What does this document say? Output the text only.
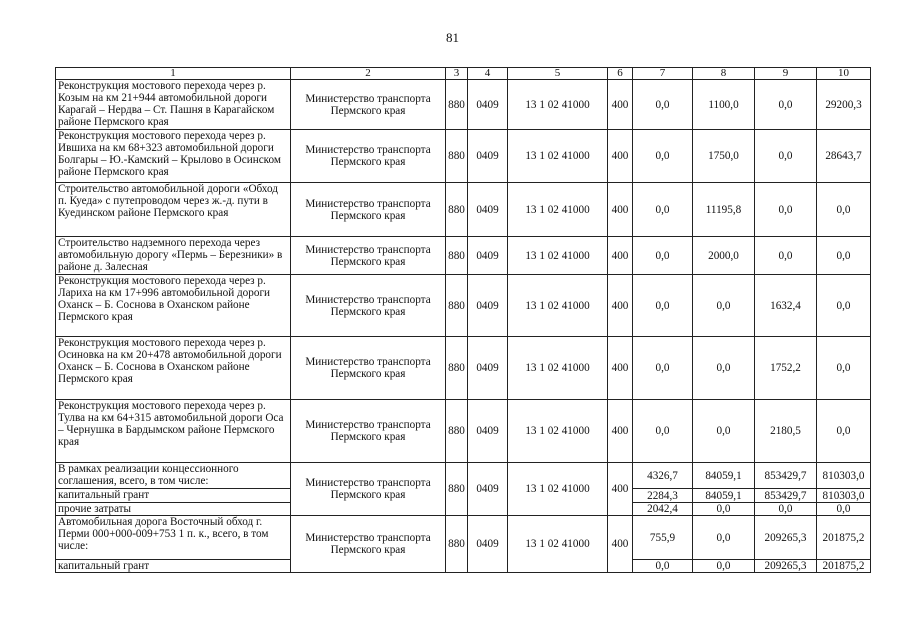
81
1	2	3	4	5	6	7	8	9	10
Реконструкция мостового перехода через р. Козым на км 21+944 автомобильной дороги Карагай – Нердва – Ст. Пашня в Карагайском районе Пермского края	Министерство транспорта Пермского края	880	0409	13 1 02 41000	400	0,0	1100,0	0,0	29200,3
Реконструкция мостового перехода через р. Ившиха на км 68+323 автомобильной дороги Болгары – Ю.-Камский – Крылово в Осинском районе Пермского края	Министерство транспорта Пермского края	880	0409	13 1 02 41000	400	0,0	1750,0	0,0	28643,7
Строительство автомобильной дороги «Обход п. Куеда» с путепроводом через ж.-д. пути в Куединском районе Пермского края	Министерство транспорта Пермского края	880	0409	13 1 02 41000	400	0,0	11195,8	0,0	0,0
Строительство надземного перехода через автомобильную дорогу «Пермь – Березники» в районе д. Залесная	Министерство транспорта Пермского края	880	0409	13 1 02 41000	400	0,0	2000,0	0,0	0,0
Реконструкция мостового перехода через р. Лариха на км 17+996 автомобильной дороги Оханск – Б. Соснова в Оханском районе Пермского края	Министерство транспорта Пермского края	880	0409	13 1 02 41000	400	0,0	0,0	1632,4	0,0
Реконструкция мостового перехода через р. Осиновка на км 20+478 автомобильной дороги Оханск – Б. Соснова в Оханском районе Пермского края	Министерство транспорта Пермского края	880	0409	13 1 02 41000	400	0,0	0,0	1752,2	0,0
Реконструкция мостового перехода через р. Тулва на км 64+315 автомобильной дороги Оса – Чернушка в Бардымском районе Пермского края	Министерство транспорта Пермского края	880	0409	13 1 02 41000	400	0,0	0,0	2180,5	0,0
В рамках реализации концессионного соглашения, всего, в том числе:	Министерство транспорта Пермского края	880	0409	13 1 02 41000	400	4326,7	84059,1	853429,7	810303,0
капитальный грант						2284,3	84059,1	853429,7	810303,0
прочие затраты						2042,4	0,0	0,0	0,0
Автомобильная дорога Восточный обход г. Перми 000+000-009+753 1 п. к., всего, в том числе:	Министерство транспорта Пермского края	880	0409	13 1 02 41000	400	755,9	0,0	209265,3	201875,2
капитальный грант						0,0	0,0	209265,3	201875,2
